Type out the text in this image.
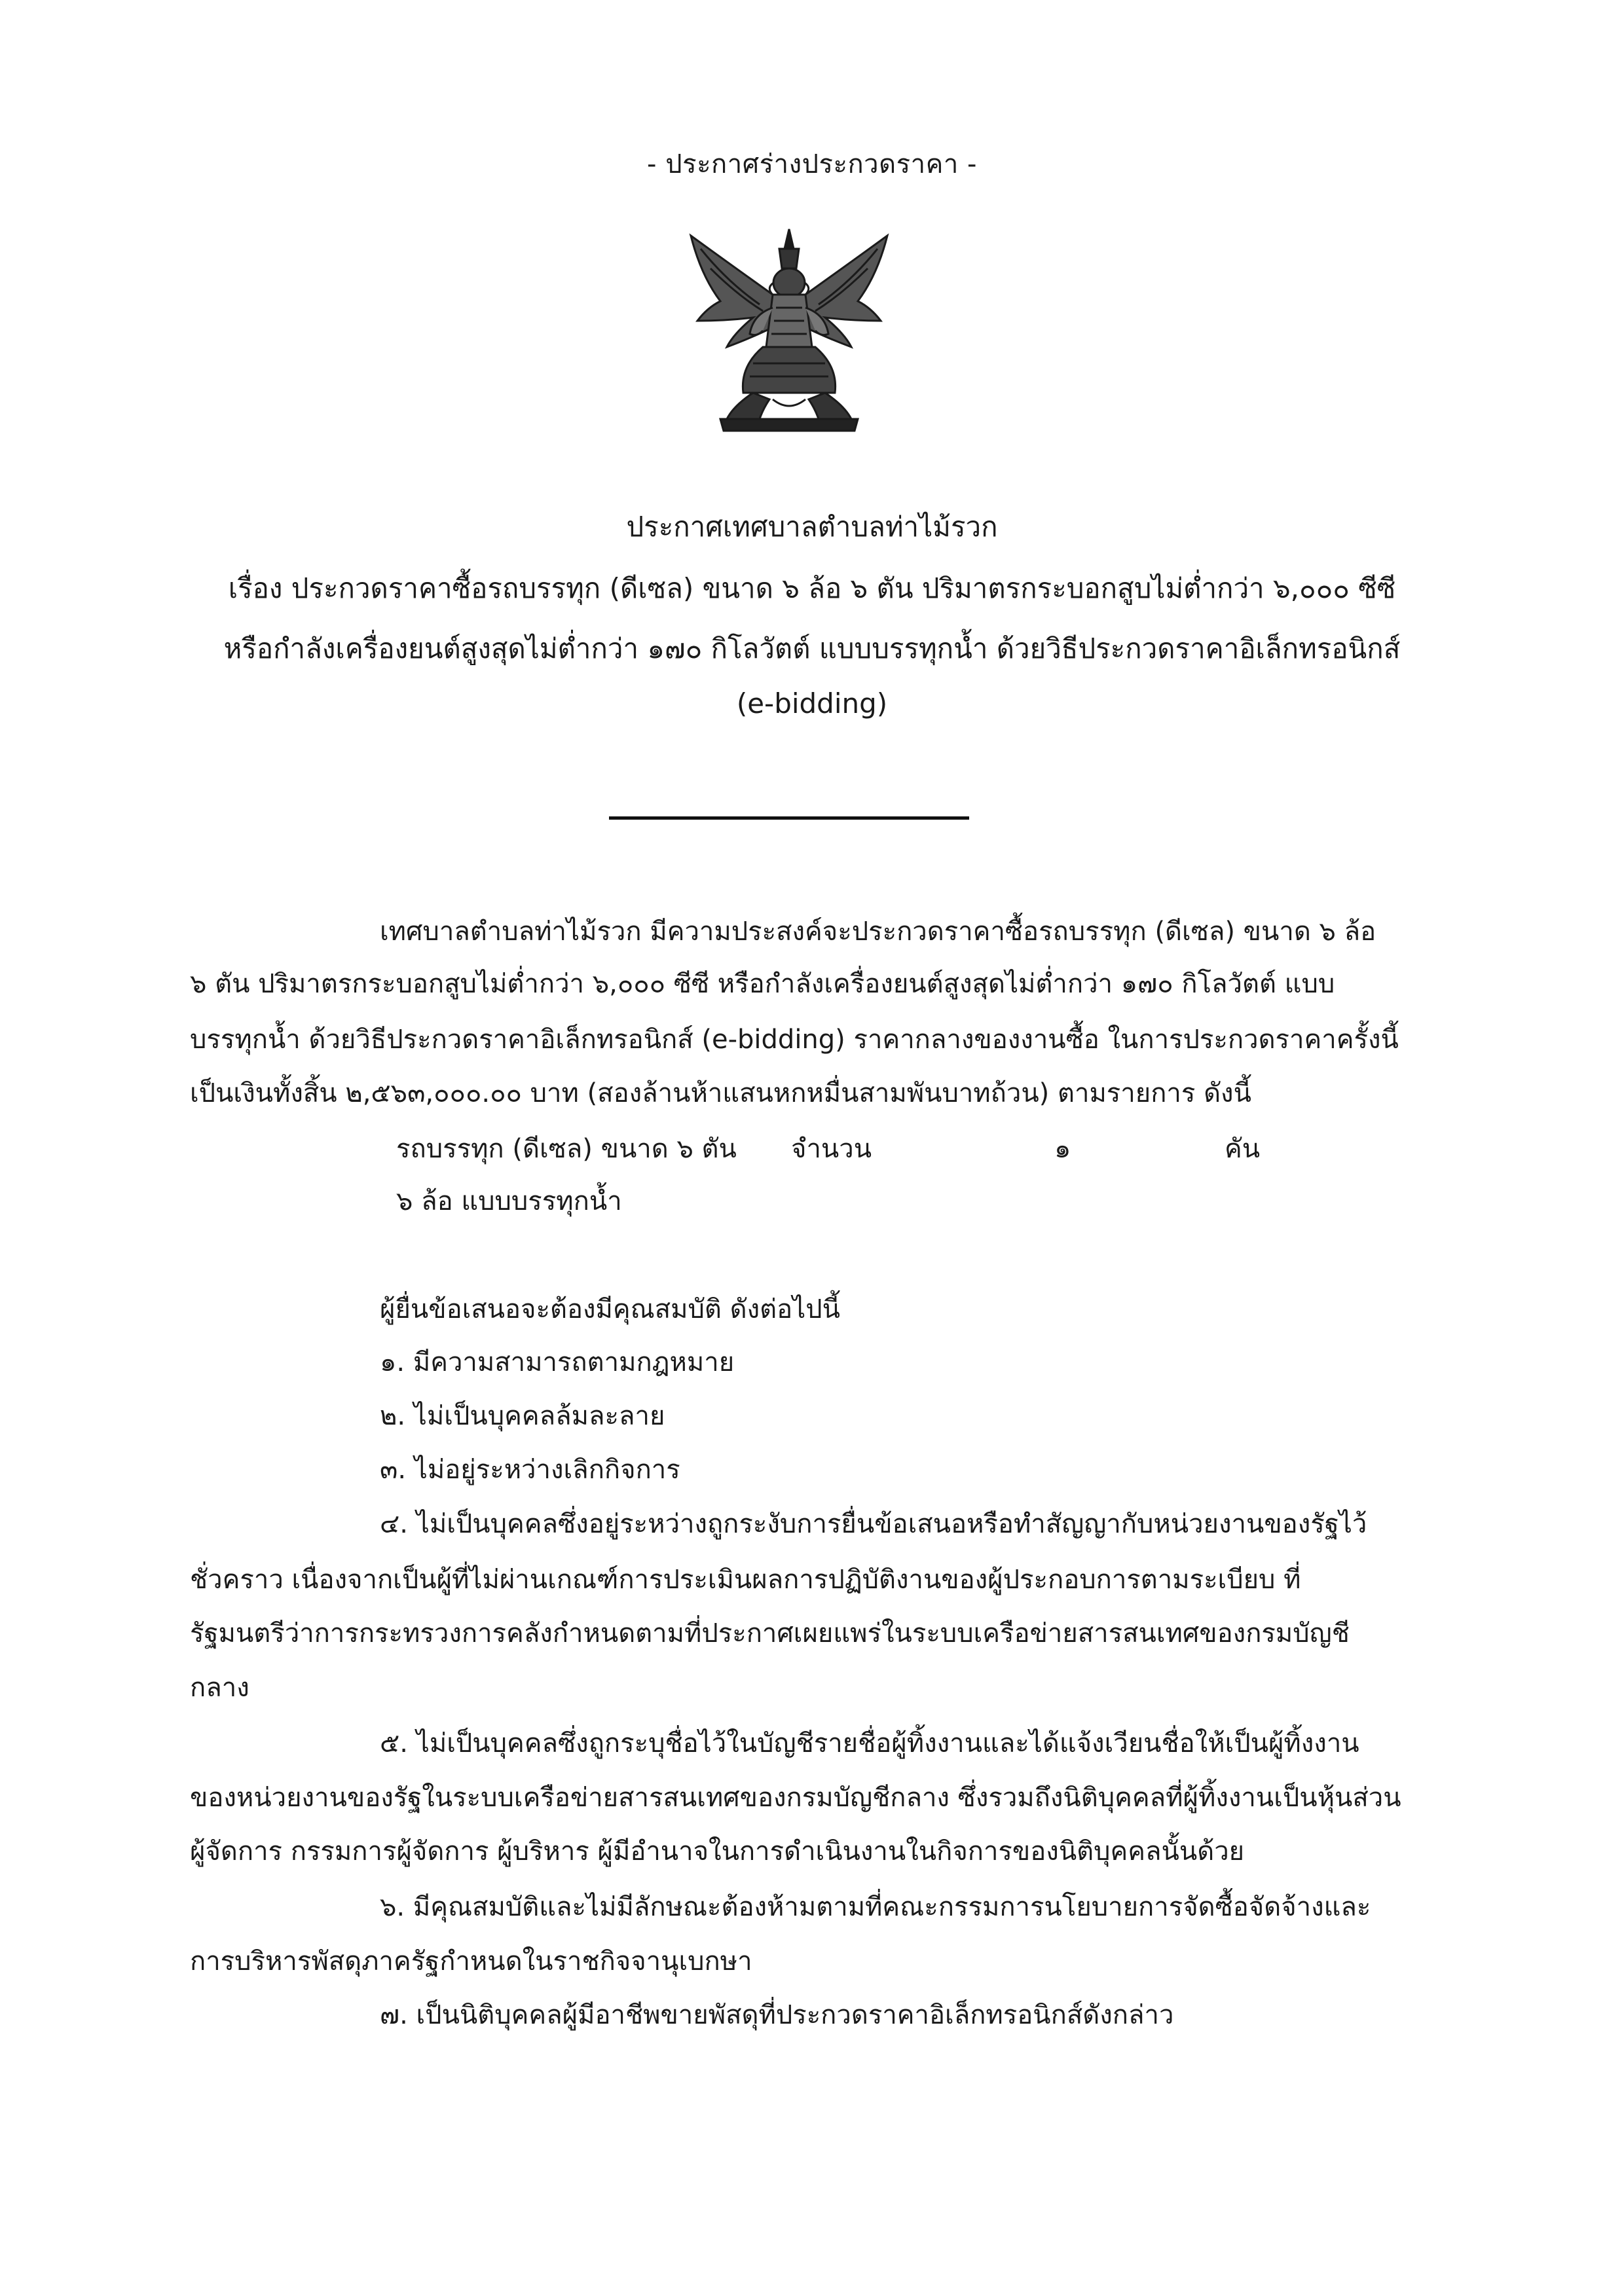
- ประกาศร่างประกวดราคา -
ประกาศเทศบาลตำบลท่าไม้รวก
เรื่อง ประกวดราคาซื้อรถบรรทุก (ดีเซล) ขนาด ๖ ล้อ ๖ ตัน ปริมาตรกระบอกสูบไม่ต่ำกว่า ๖,๐๐๐ ซีซี
หรือกำลังเครื่องยนต์สูงสุดไม่ต่ำกว่า ๑๗๐ กิโลวัตต์ แบบบรรทุกน้ำ ด้วยวิธีประกวดราคาอิเล็กทรอนิกส์
(e-bidding)
เทศบาลตำบลท่าไม้รวก มีความประสงค์จะประกวดราคาซื้อรถบรรทุก (ดีเซล) ขนาด ๖ ล้อ
๖ ตัน ปริมาตรกระบอกสูบไม่ต่ำกว่า ๖,๐๐๐ ซีซี หรือกำลังเครื่องยนต์สูงสุดไม่ต่ำกว่า ๑๗๐ กิโลวัตต์ แบบ
บรรทุกน้ำ ด้วยวิธีประกวดราคาอิเล็กทรอนิกส์ (e-bidding) ราคากลางของงานซื้อ ในการประกวดราคาครั้งนี้
เป็นเงินทั้งสิ้น ๒,๕๖๓,๐๐๐.๐๐ บาท (สองล้านห้าแสนหกหมื่นสามพันบาทถ้วน) ตามรายการ ดังนี้
รถบรรทุก (ดีเซล) ขนาด ๖ ตัน จำนวน	๑	คัน
๖ ล้อ แบบบรรทุกน้ำ
ผู้ยื่นข้อเสนอจะต้องมีคุณสมบัติ ดังต่อไปนี้
๑. มีความสามารถตามกฎหมาย
๒. ไม่เป็นบุคคลล้มละลาย
๓. ไม่อยู่ระหว่างเลิกกิจการ
๔. ไม่เป็นบุคคลซึ่งอยู่ระหว่างถูกระงับการยื่นข้อเสนอหรือทำสัญญากับหน่วยงานของรัฐไว้
ชั่วคราว เนื่องจากเป็นผู้ที่ไม่ผ่านเกณฑ์การประเมินผลการปฏิบัติงานของผู้ประกอบการตามระเบียบ ที่
รัฐมนตรีว่าการกระทรวงการคลังกำหนดตามที่ประกาศเผยแพร่ในระบบเครือข่ายสารสนเทศของกรมบัญชี
กลาง
๕. ไม่เป็นบุคคลซึ่งถูกระบุชื่อไว้ในบัญชีรายชื่อผู้ทิ้งงานและได้แจ้งเวียนชื่อให้เป็นผู้ทิ้งงาน
ของหน่วยงานของรัฐในระบบเครือข่ายสารสนเทศของกรมบัญชีกลาง ซึ่งรวมถึงนิติบุคคลที่ผู้ทิ้งงานเป็นหุ้นส่วน
ผู้จัดการ กรรมการผู้จัดการ ผู้บริหาร ผู้มีอำนาจในการดำเนินงานในกิจการของนิติบุคคลนั้นด้วย
๖. มีคุณสมบัติและไม่มีลักษณะต้องห้ามตามที่คณะกรรมการนโยบายการจัดซื้อจัดจ้างและ
การบริหารพัสดุภาครัฐกำหนดในราชกิจจานุเบกษา
๗. เป็นนิติบุคคลผู้มีอาชีพขายพัสดุที่ประกวดราคาอิเล็กทรอนิกส์ดังกล่าว
